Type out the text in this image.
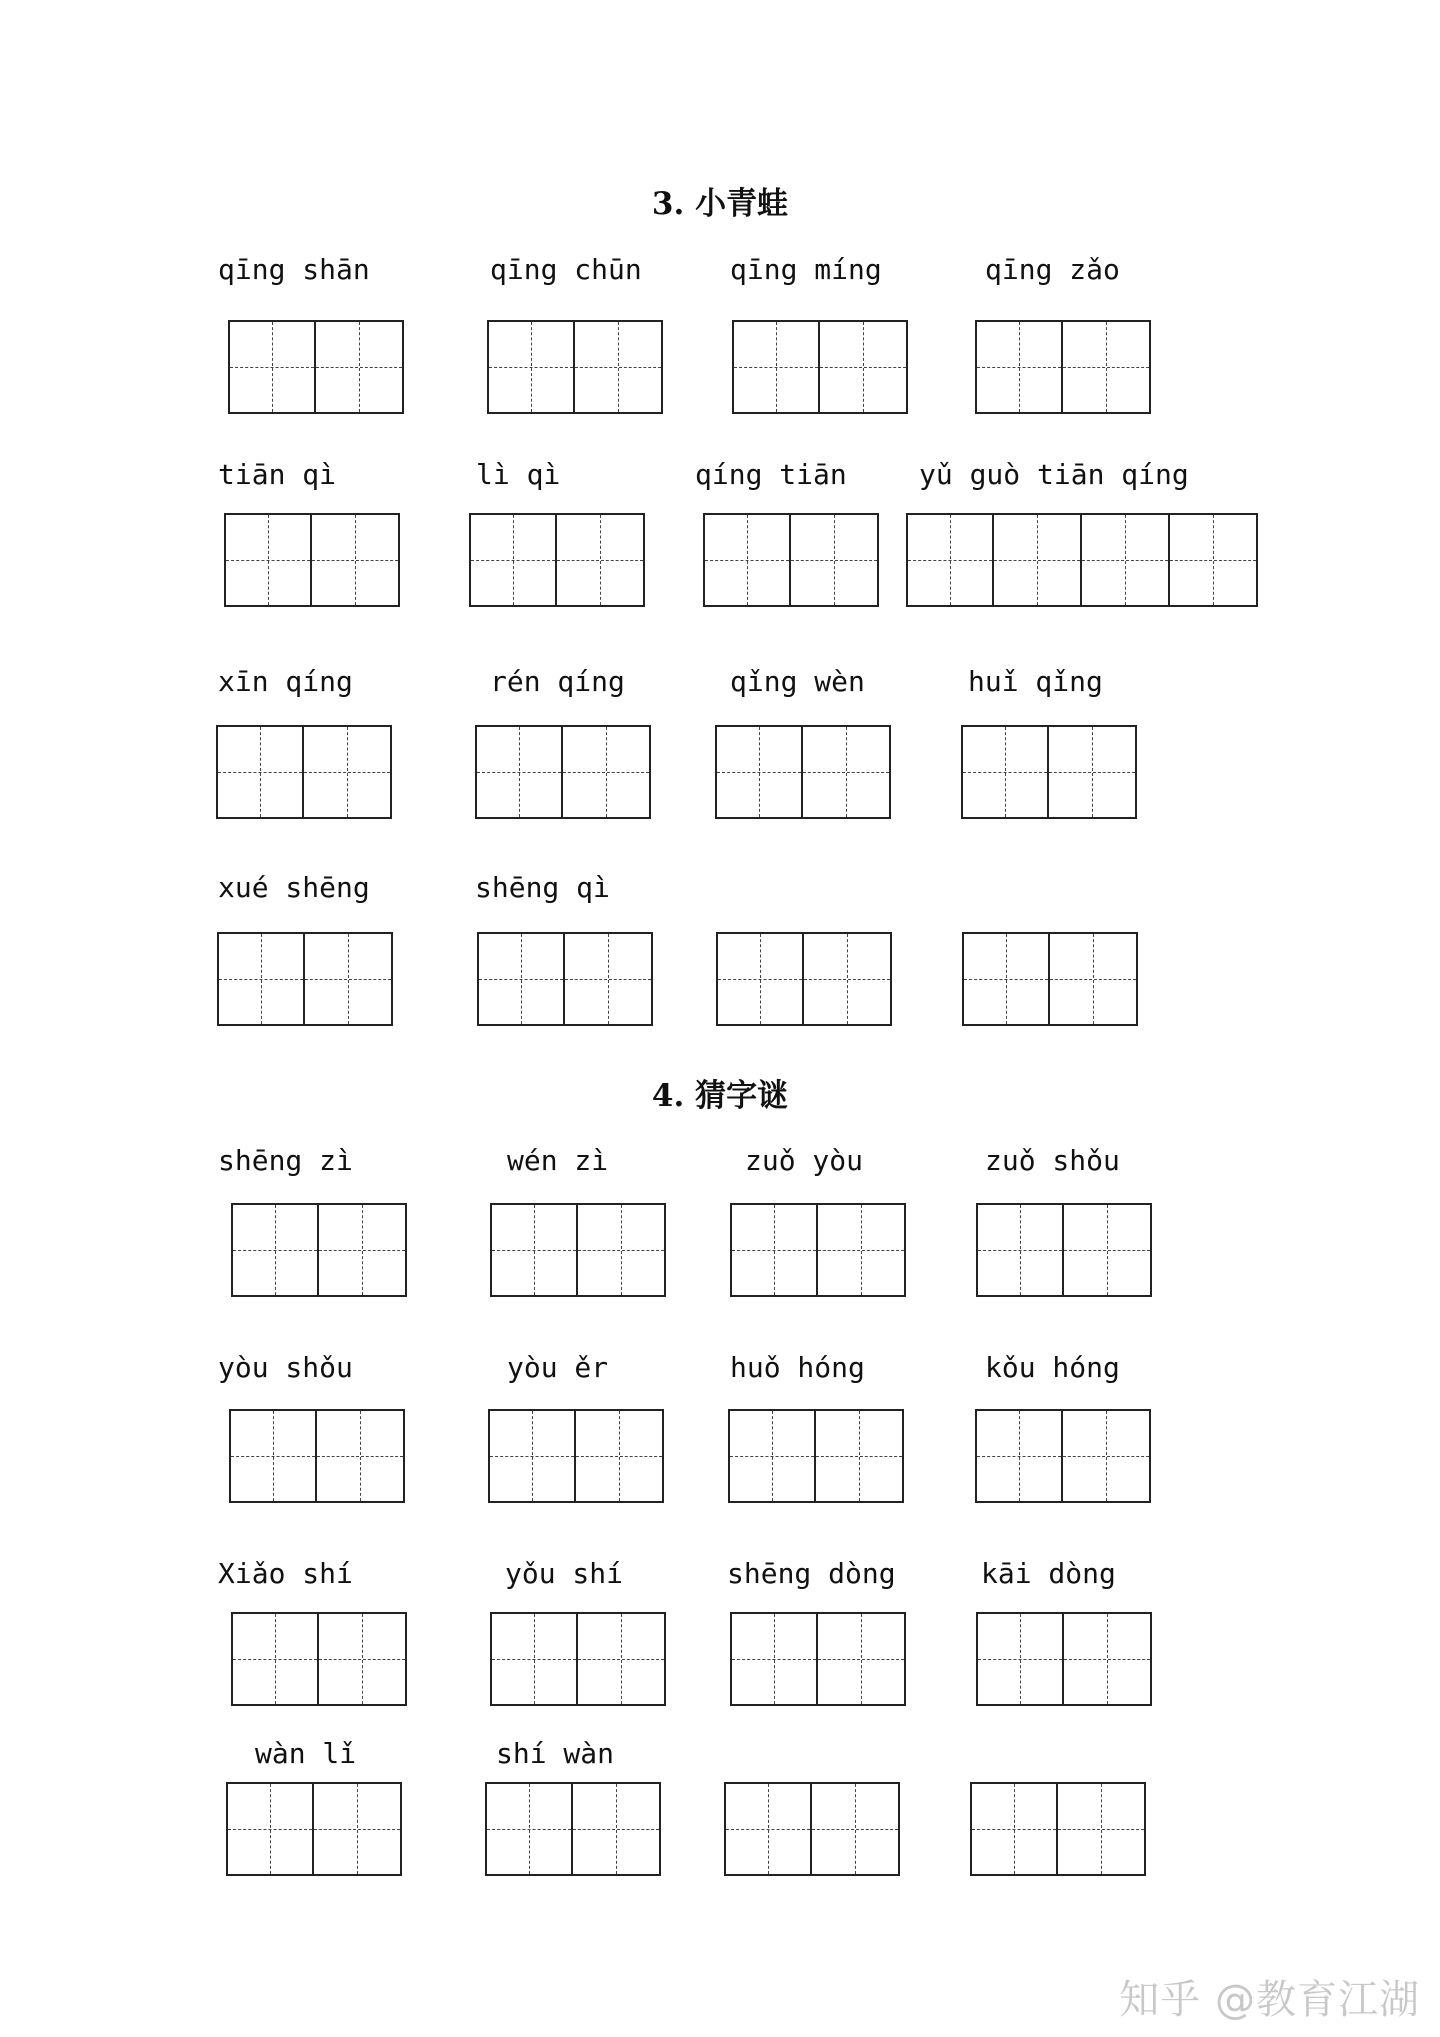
3. 小青蛙
qīng shān	qīng chūn	qīng míng	qīng zǎo
tiān qì	lì qì	qíng tiān	yǔ guò tiān qíng
xīn qíng	rén qíng	qǐng wèn	huǐ qǐng
xué shēng	shēng qì
4. 猜字谜
shēng zì	wén zì	zuǒ yòu	zuǒ shǒu
yòu shǒu	yòu ěr	huǒ hóng	kǒu hóng
Xiǎo shí	yǒu shí	shēng dòng	kāi dòng
wàn lǐ	shí wàn
知乎 @教育江湖
